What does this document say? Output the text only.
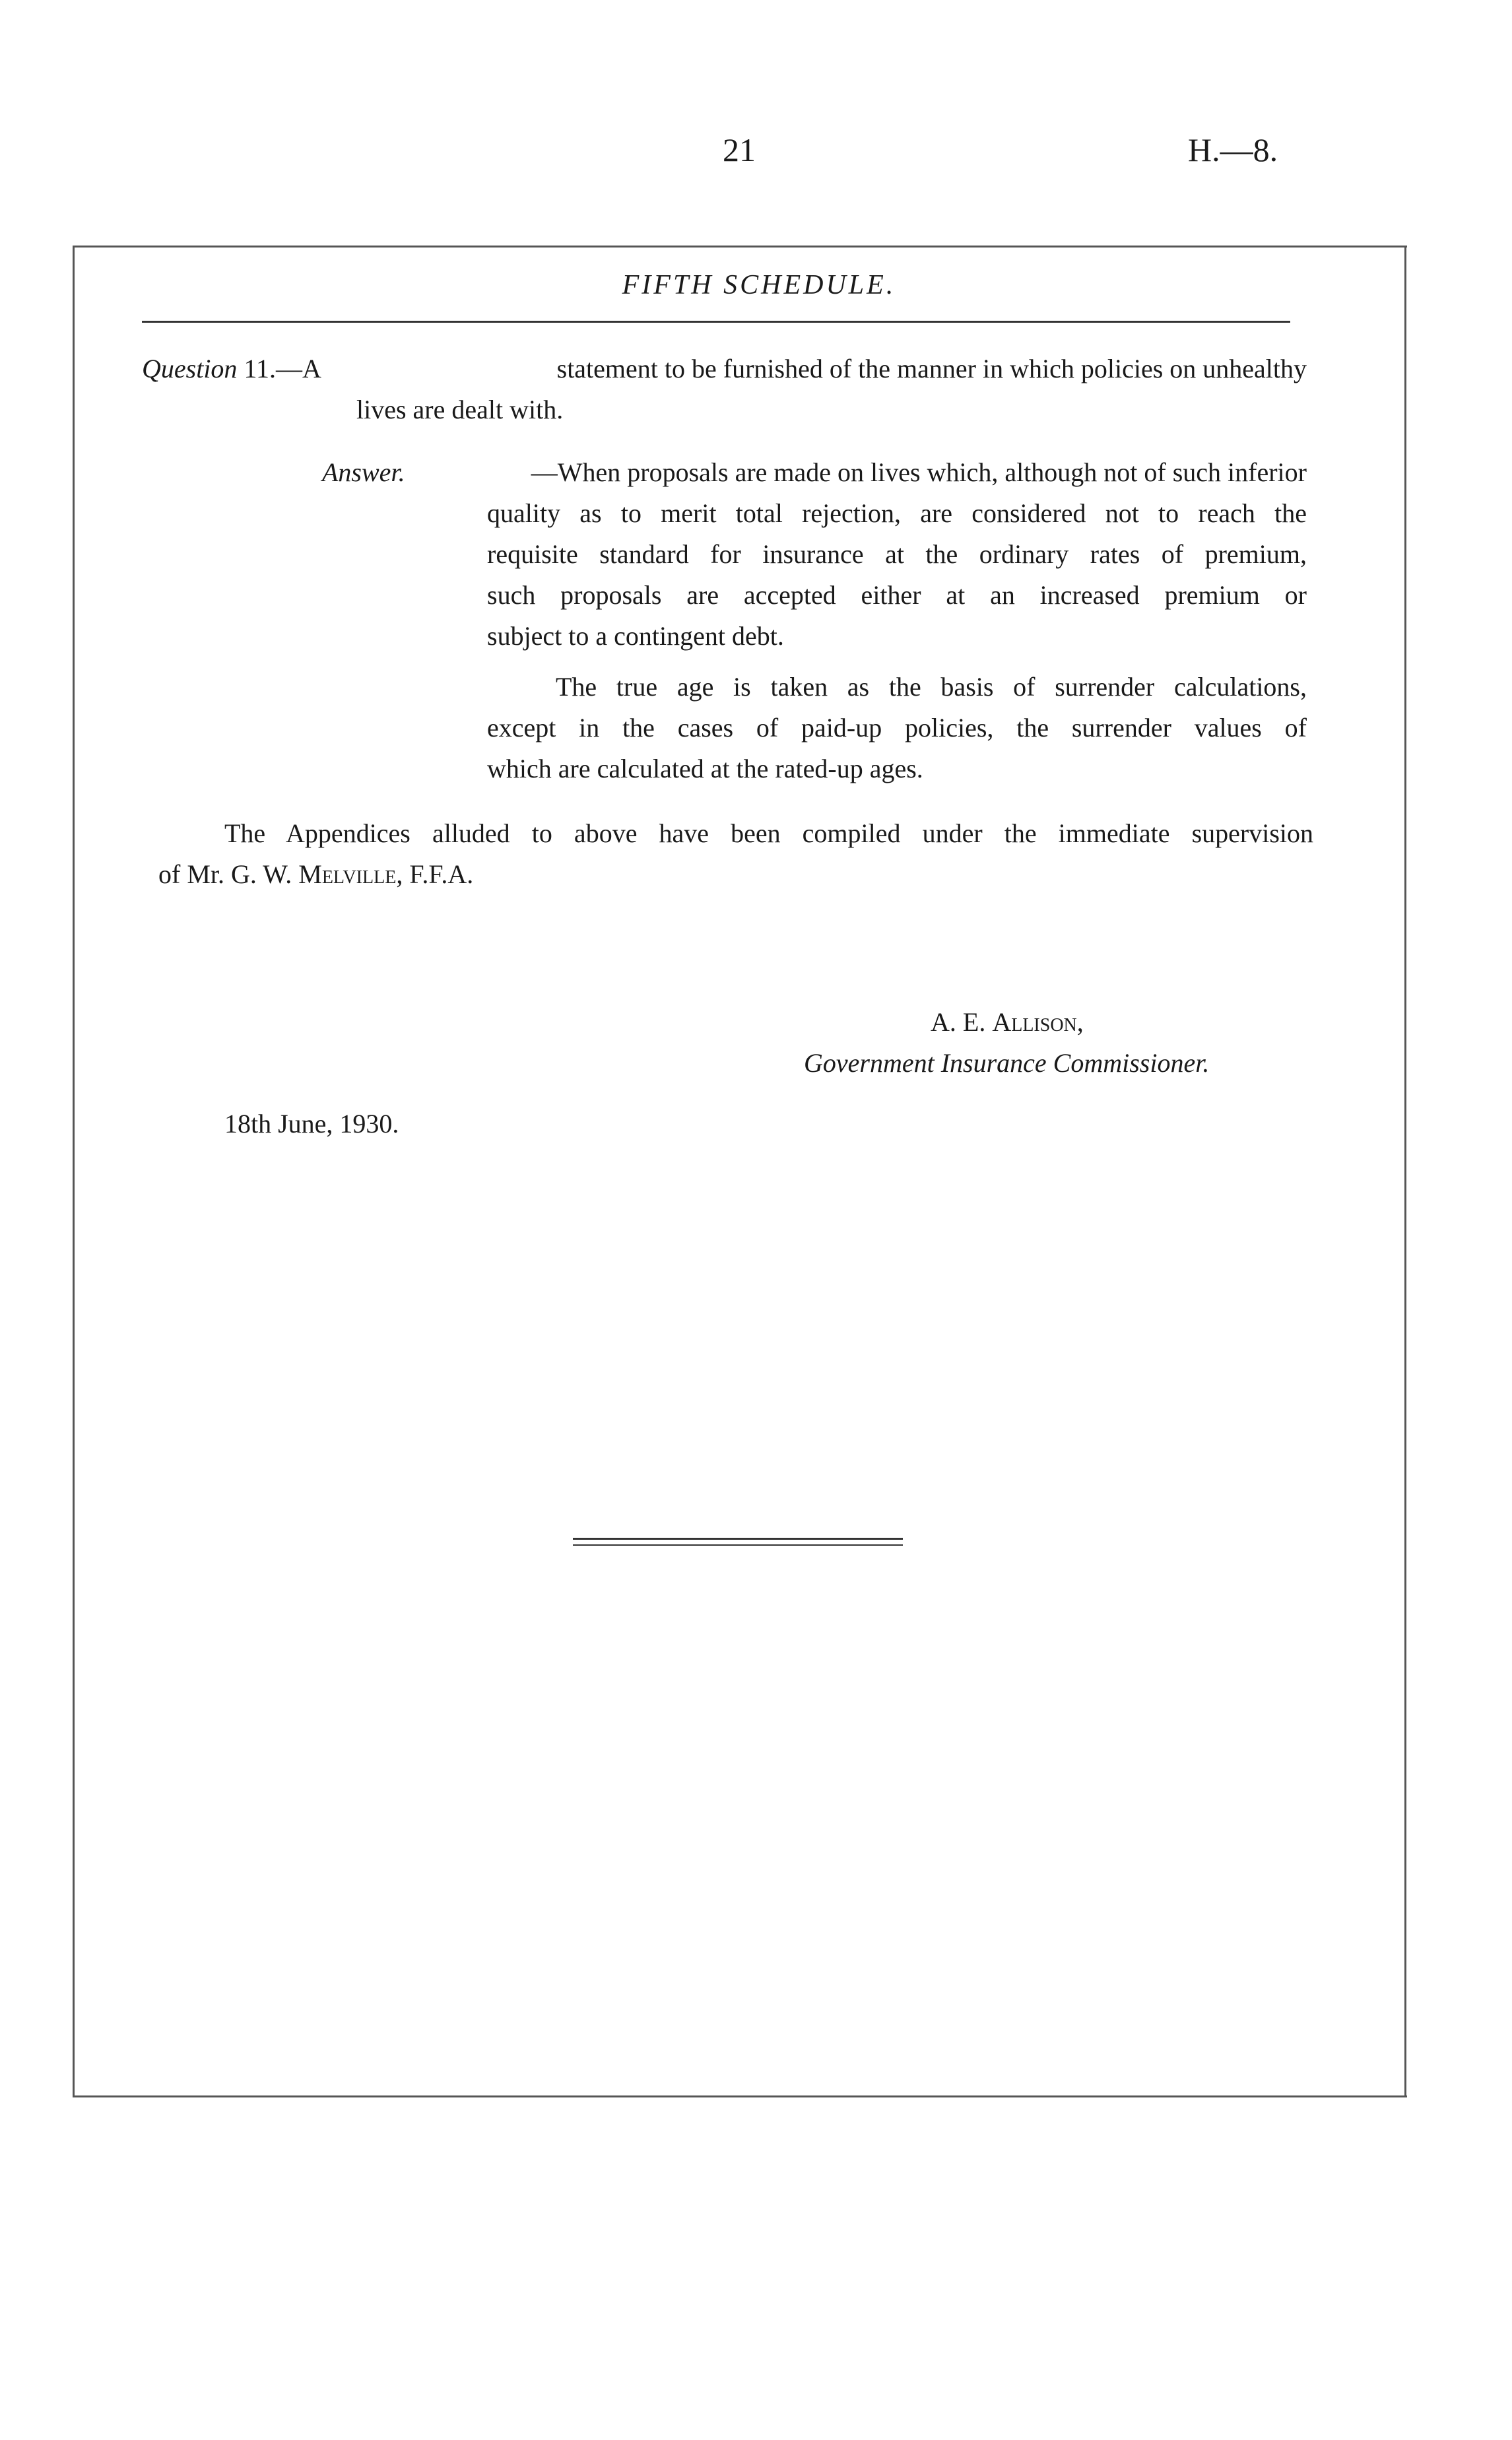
21	H.—8.
FIFTH SCHEDULE.
Question 11.—A	statement to be furnished of the manner in which policies on unhealthy
lives are dealt with.
Answer.	—When proposals are made on lives which, although not of such inferior
quality as to merit total rejection, are considered not to reach the
requisite standard for insurance at the ordinary rates of premium,
such proposals are accepted either at an increased premium or
subject to a contingent debt.
The true age is taken as the basis of surrender calculations,
except in the cases of paid-up policies, the surrender values of
which are calculated at the rated-up ages.
The Appendices alluded to above have been compiled under the immediate supervision
of Mr. G. W. Melville, F.F.A.
A. E. Allison,
Government Insurance Commissioner.
18th June, 1930.
